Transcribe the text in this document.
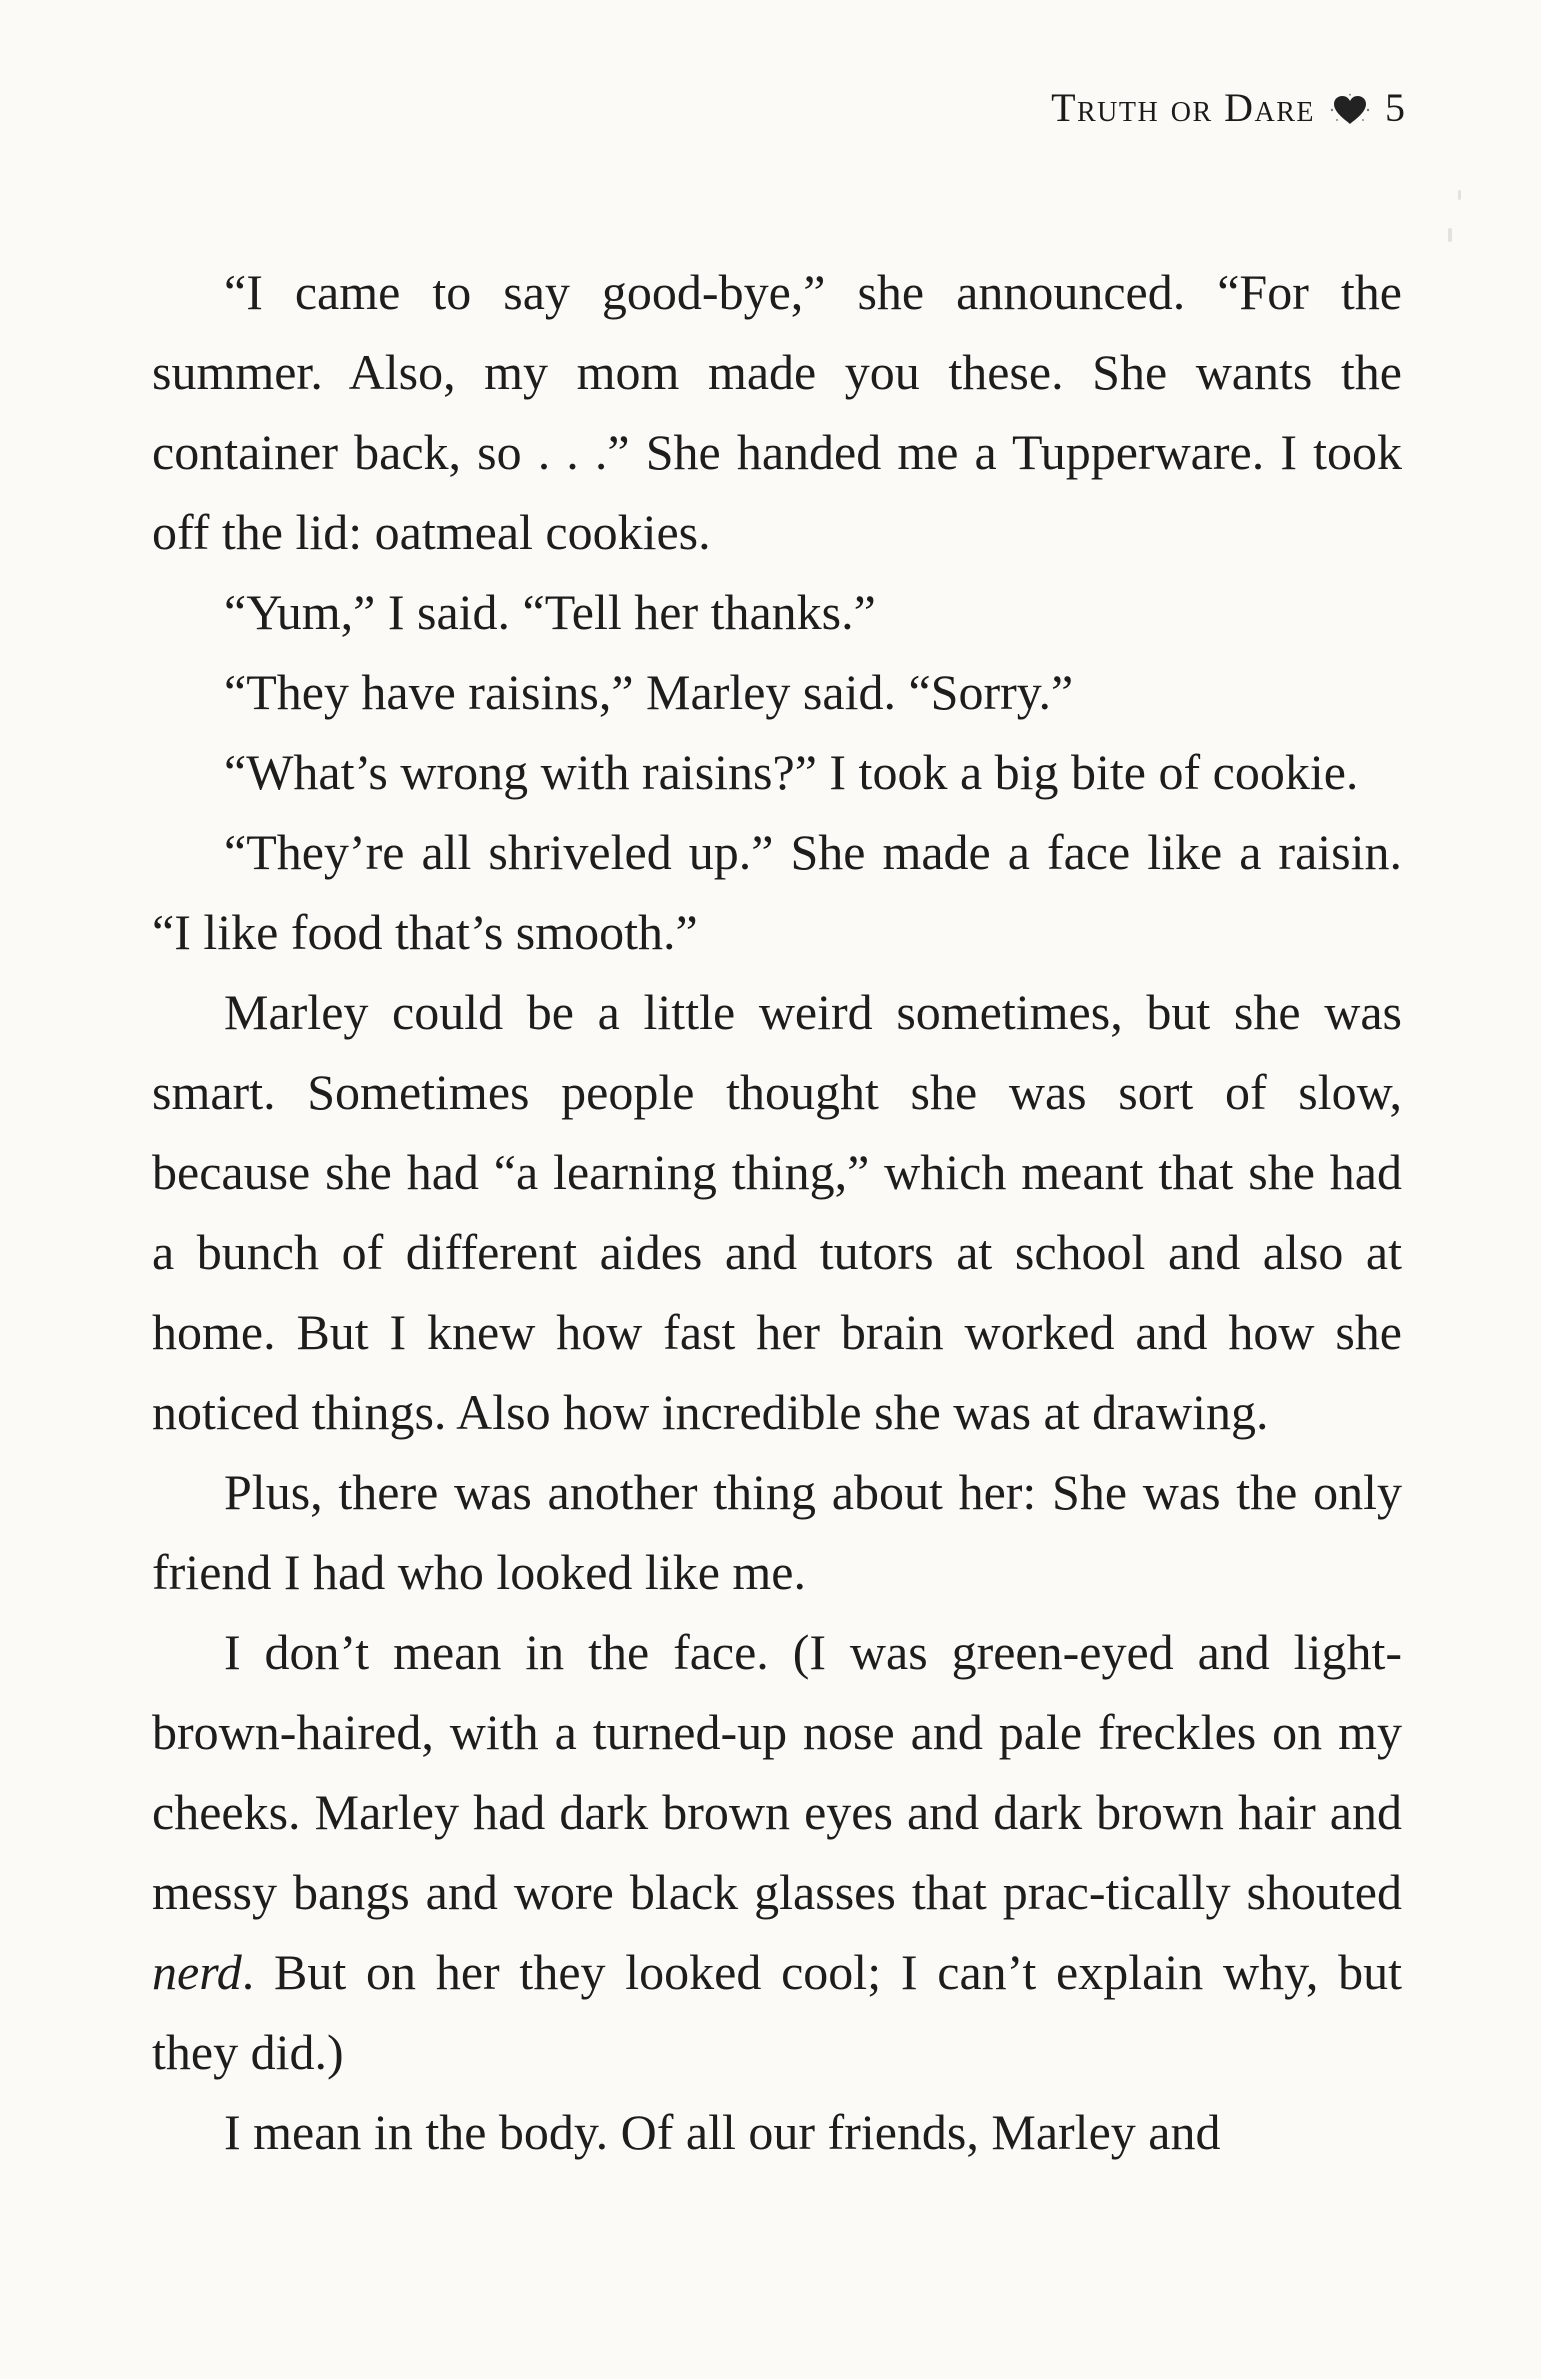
Truth or Dare 5

“I came to say good-bye,” she announced. “For the summer. Also, my mom made you these. She wants the container back, so . . .” She handed me a Tupperware. I took off the lid: oatmeal cookies.

“Yum,” I said. “Tell her thanks.”

“They have raisins,” Marley said. “Sorry.”

“What’s wrong with raisins?” I took a big bite of cookie.

“They’re all shriveled up.” She made a face like a raisin. “I like food that’s smooth.”

Marley could be a little weird sometimes, but she was smart. Sometimes people thought she was sort of slow, because she had “a learning thing,” which meant that she had a bunch of different aides and tutors at school and also at home. But I knew how fast her brain worked and how she noticed things. Also how incredible she was at drawing.

Plus, there was another thing about her: She was the only friend I had who looked like me.

I don’t mean in the face. (I was green-eyed and light-brown-haired, with a turned-up nose and pale freckles on my cheeks. Marley had dark brown eyes and dark brown hair and messy bangs and wore black glasses that prac-tically shouted nerd. But on her they looked cool; I can’t explain why, but they did.)

I mean in the body. Of all our friends, Marley and
